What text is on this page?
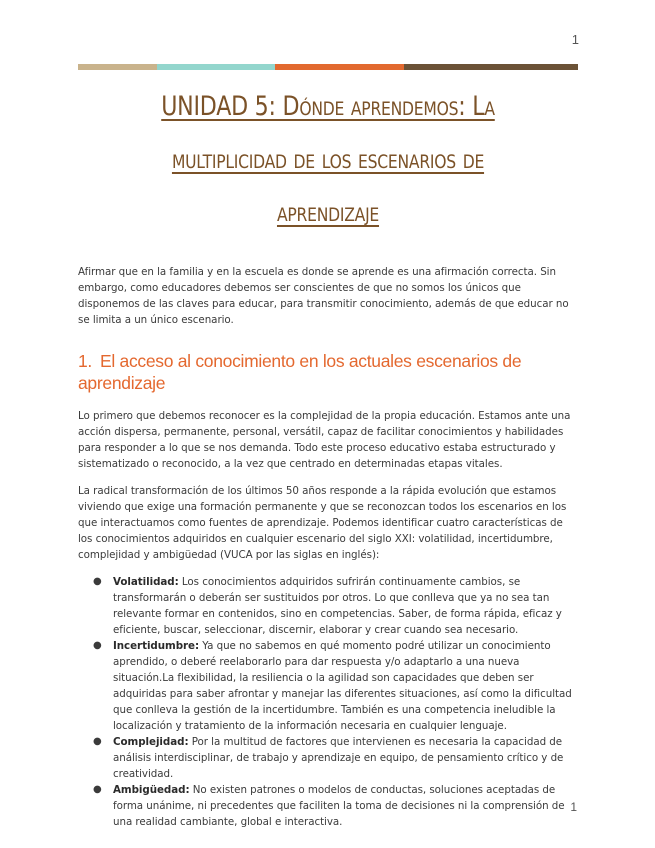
1
UNIDAD 5: Dónde aprendemos: La multiplicidad de los escenarios de aprendizaje

Afirmar que en la familia y en la escuela es donde se aprende es una afirmación correcta. Sin embargo, como educadores debemos ser conscientes de que no somos los únicos que disponemos de las claves para educar, para transmitir conocimiento, además de que educar no se limita a un único escenario.

1. El acceso al conocimiento en los actuales escenarios de aprendizaje

Lo primero que debemos reconocer es la complejidad de la propia educación. Estamos ante una acción dispersa, permanente, personal, versátil, capaz de facilitar conocimientos y habilidades para responder a lo que se nos demanda. Todo este proceso educativo estaba estructurado y sistematizado o reconocido, a la vez que centrado en determinadas etapas vitales.

La radical transformación de los últimos 50 años responde a la rápida evolución que estamos viviendo que exige una formación permanente y que se reconozcan todos los escenarios en los que interactuamos como fuentes de aprendizaje. Podemos identificar cuatro características de los conocimientos adquiridos en cualquier escenario del siglo XXI: volatilidad, incertidumbre, complejidad y ambigüedad (VUCA por las siglas en inglés):

● Volatilidad: Los conocimientos adquiridos sufrirán continuamente cambios, se transformarán o deberán ser sustituidos por otros. Lo que conlleva que ya no sea tan relevante formar en contenidos, sino en competencias. Saber, de forma rápida, eficaz y eficiente, buscar, seleccionar, discernir, elaborar y crear cuando sea necesario.
● Incertidumbre: Ya que no sabemos en qué momento podré utilizar un conocimiento aprendido, o deberé reelaborarlo para dar respuesta y/o adaptarlo a una nueva situación.La flexibilidad, la resiliencia o la agilidad son capacidades que deben ser adquiridas para saber afrontar y manejar las diferentes situaciones, así como la dificultad que conlleva la gestión de la incertidumbre. También es una competencia ineludible la localización y tratamiento de la información necesaria en cualquier lenguaje.
● Complejidad: Por la multitud de factores que intervienen es necesaria la capacidad de análisis interdisciplinar, de trabajo y aprendizaje en equipo, de pensamiento crítico y de creatividad.
● Ambigüedad: No existen patrones o modelos de conductas, soluciones aceptadas de forma unánime, ni precedentes que faciliten la toma de decisiones ni la comprensión de una realidad cambiante, global e interactiva.
1
